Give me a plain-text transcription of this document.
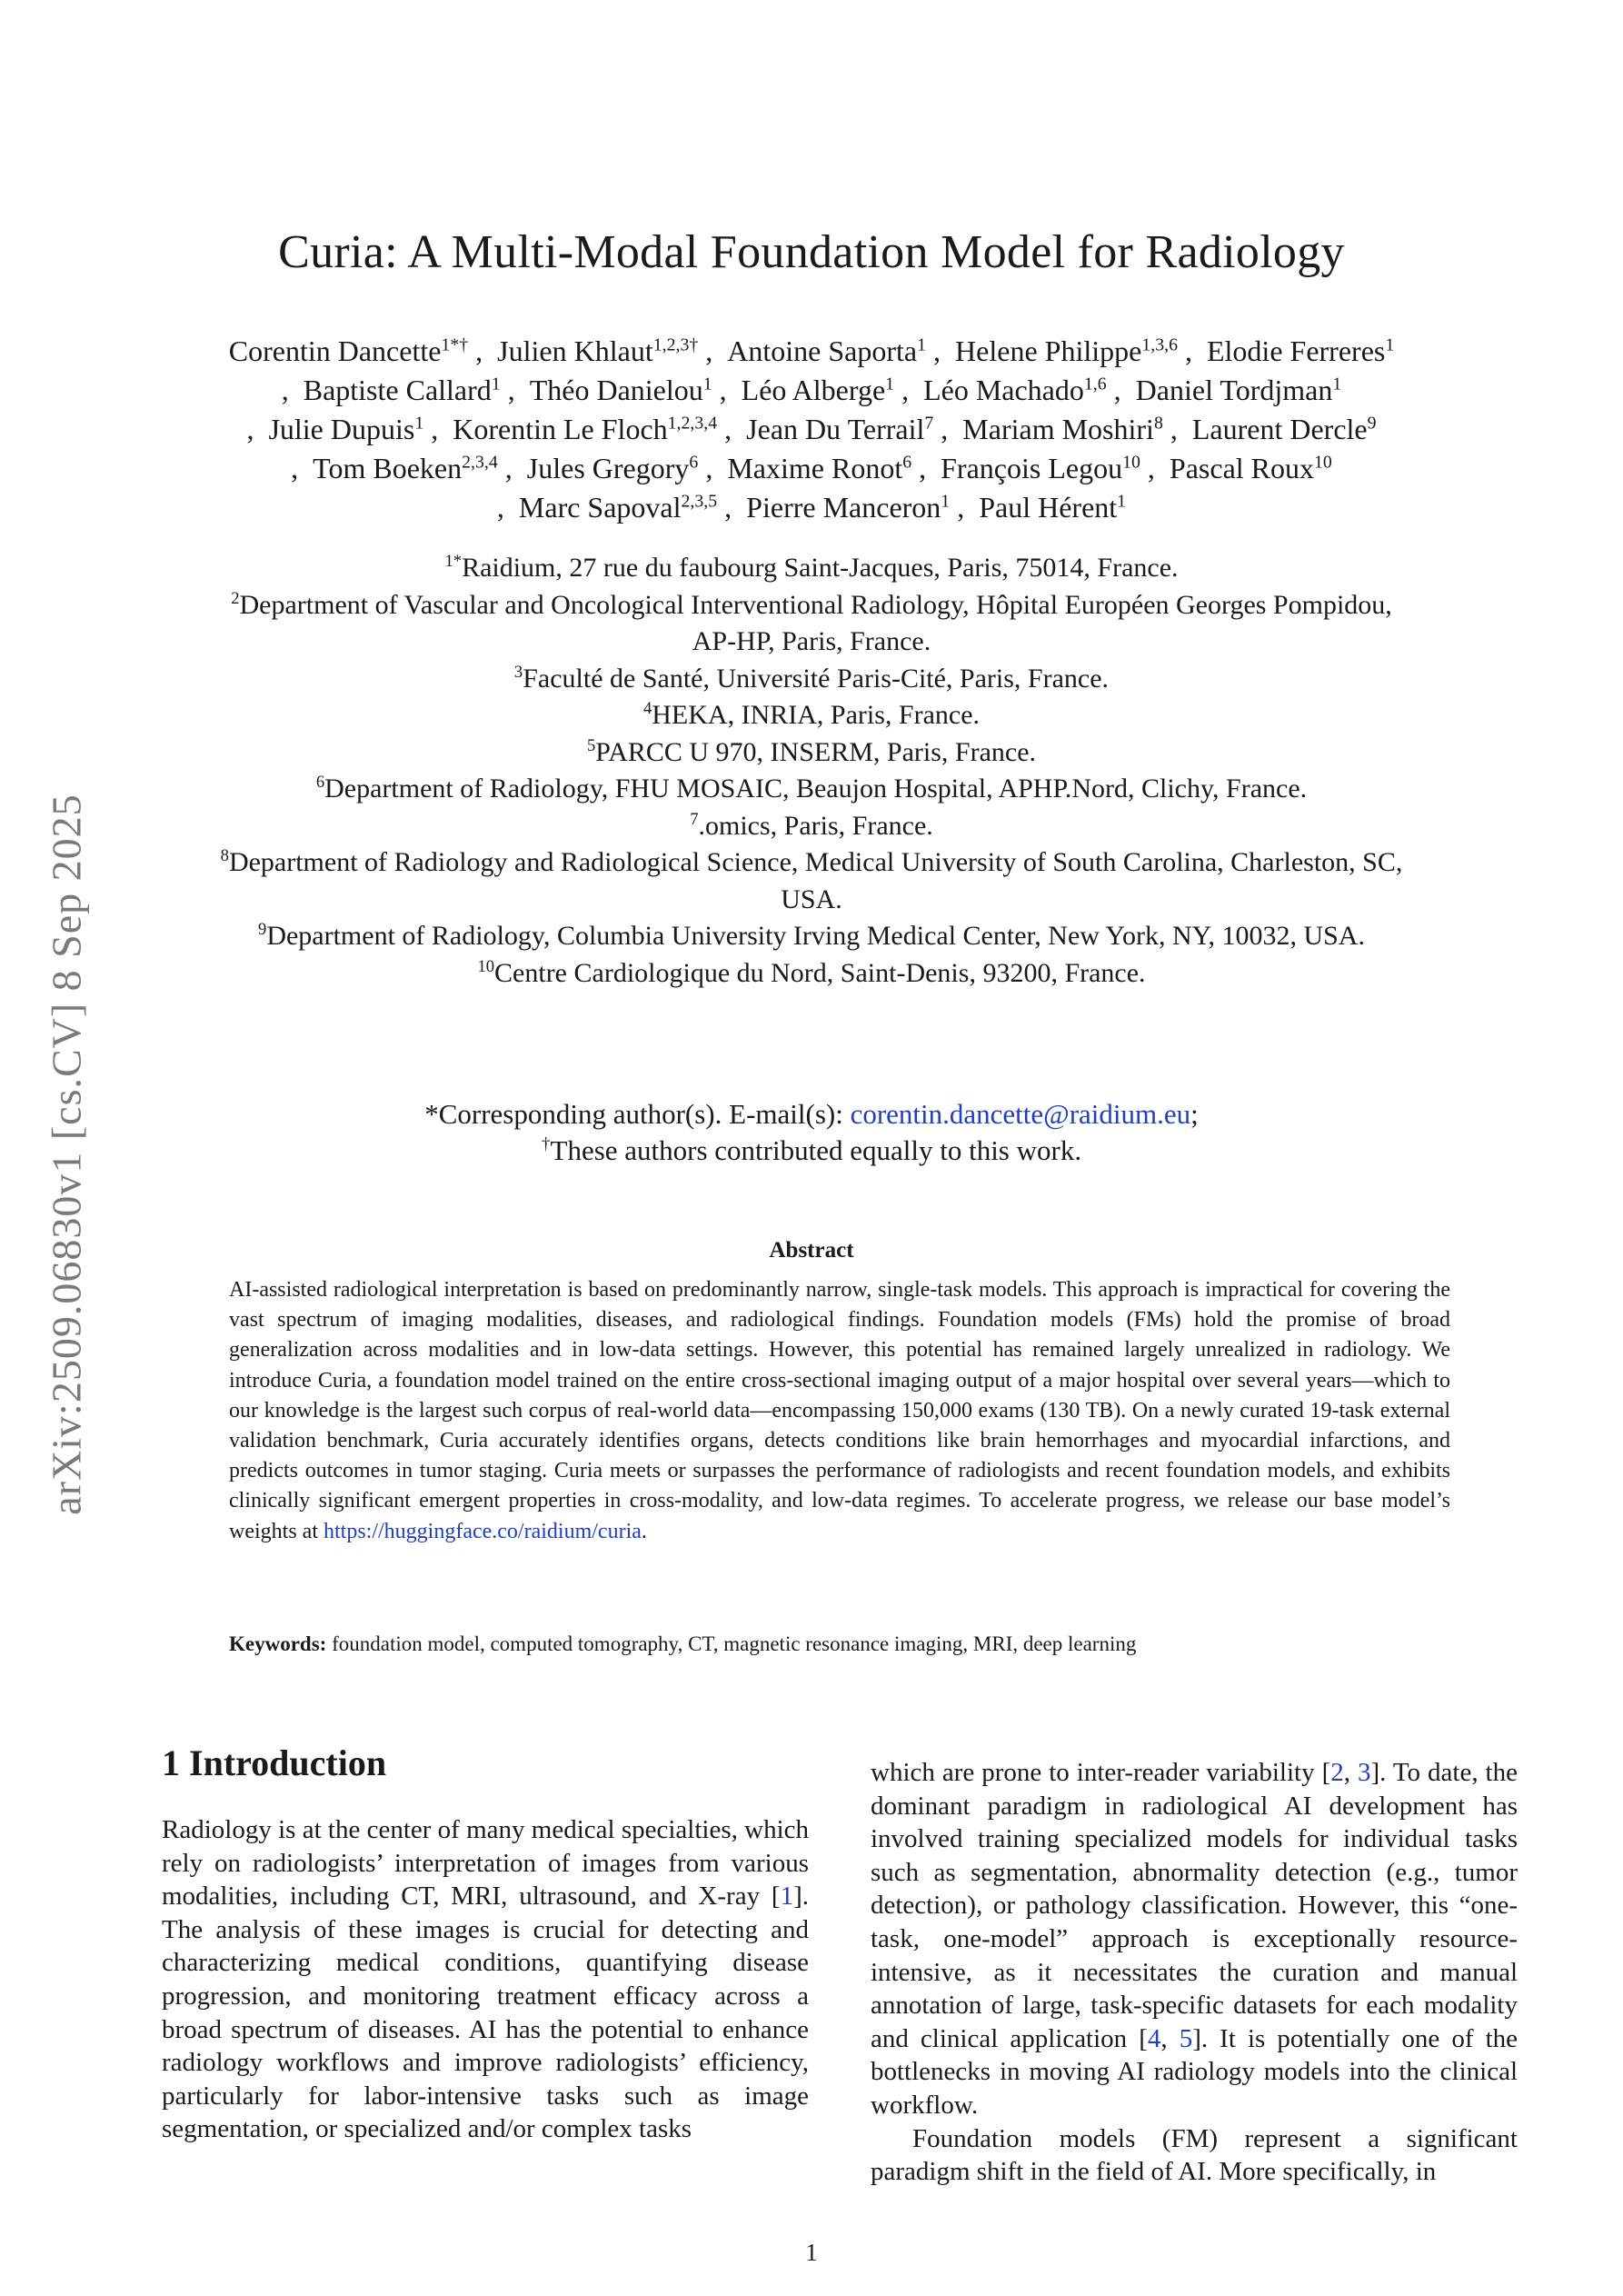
arXiv:2509.06830v1 [cs.CV] 8 Sep 2025
Curia: A Multi-Modal Foundation Model for Radiology
Corentin Dancette$^{1*\dagger}$ ,  Julien Khlaut$^{1,2,3\dagger}$ ,  Antoine Saporta$^1$ ,  Helene Philippe$^{1,3,6}$ ,  Elodie Ferreres$^1$ ,  Baptiste Callard$^1$ ,  Théo Danielou$^1$ ,  Léo Alberge$^1$ ,  Léo Machado$^{1,6}$ ,  Daniel Tordjman$^1$ ,  Julie Dupuis$^1$ ,  Korentin Le Floch$^{1,2,3,4}$ ,  Jean Du Terrail$^7$ ,  Mariam Moshiri$^8$ ,  Laurent Dercle$^9$ ,  Tom Boeken$^{2,3,4}$ ,  Jules Gregory$^6$ ,  Maxime Ronot$^6$ ,  François Legou$^{10}$ ,  Pascal Roux$^{10}$ ,  Marc Sapoval$^{2,3,5}$ ,  Pierre Manceron$^1$ ,  Paul Hérent$^1$
$^{1*}$Raidium, 27 rue du faubourg Saint-Jacques, Paris, 75014, France.
$^2$Department of Vascular and Oncological Interventional Radiology, Hôpital Européen Georges Pompidou, AP-HP, Paris, France.
$^3$Faculté de Santé, Université Paris-Cité, Paris, France.
$^4$HEKA, INRIA, Paris, France.
$^5$PARCC U 970, INSERM, Paris, France.
$^6$Department of Radiology, FHU MOSAIC, Beaujon Hospital, APHP.Nord, Clichy, France.
$^7$.omics, Paris, France.
$^8$Department of Radiology and Radiological Science, Medical University of South Carolina, Charleston, SC, USA.
$^9$Department of Radiology, Columbia University Irving Medical Center, New York, NY, 10032, USA.
$^{10}$Centre Cardiologique du Nord, Saint-Denis, 93200, France.
*Corresponding author(s). E-mail(s): corentin.dancette@raidium.eu;
†These authors contributed equally to this work.
Abstract
AI-assisted radiological interpretation is based on predominantly narrow, single-task models. This approach is impractical for covering the vast spectrum of imaging modalities, diseases, and radiological findings. Foundation models (FMs) hold the promise of broad generalization across modalities and in low-data settings. However, this potential has remained largely unrealized in radiology. We introduce Curia, a foundation model trained on the entire cross-sectional imaging output of a major hospital over several years—which to our knowledge is the largest such corpus of real-world data—encompassing 150,000 exams (130 TB). On a newly curated 19-task external validation benchmark, Curia accurately identifies organs, detects conditions like brain hemorrhages and myocardial infarctions, and predicts outcomes in tumor staging. Curia meets or surpasses the performance of radiologists and recent foundation models, and exhibits clinically significant emergent properties in cross-modality, and low-data regimes. To accelerate progress, we release our base model’s weights at https://huggingface.co/raidium/curia.
Keywords: foundation model, computed tomography, CT, magnetic resonance imaging, MRI, deep learning
1 Introduction

Radiology is at the center of many medical specialties, which rely on radiologists’ interpretation of images from various modalities, including CT, MRI, ultrasound, and X-ray [1]. The analysis of these images is crucial for detecting and characterizing medical conditions, quantifying disease progression, and monitoring treatment efficacy across a broad spectrum of diseases. AI has the potential to enhance radiology workflows and improve radiologists’ efficiency, particularly for labor-intensive tasks such as image segmentation, or specialized and/or complex tasks

which are prone to inter-reader variability [2, 3]. To date, the dominant paradigm in radiological AI development has involved training specialized models for individual tasks such as segmentation, abnormality detection (e.g., tumor detection), or pathology classification. However, this “one-task, one-model” approach is exceptionally resource-intensive, as it necessitates the curation and manual annotation of large, task-specific datasets for each modality and clinical application [4, 5]. It is potentially one of the bottlenecks in moving AI radiology models into the clinical workflow.

Foundation models (FM) represent a significant paradigm shift in the field of AI. More specifically, in

1
